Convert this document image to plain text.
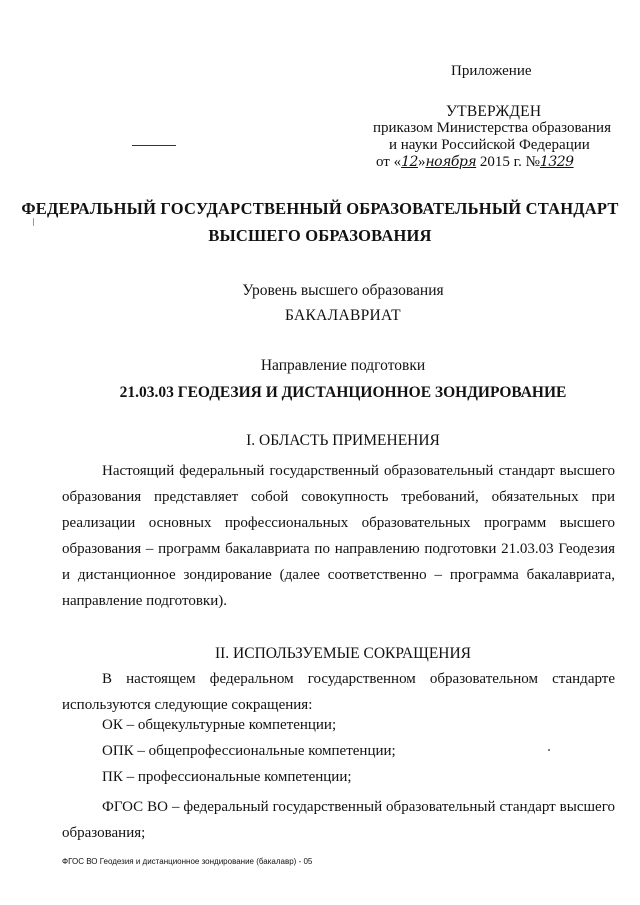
Приложение
УТВЕРЖДЕН
приказом Министерства образования
и науки Российской Федерации
от «12»ноября 2015 г. №1329
ФЕДЕРАЛЬНЫЙ ГОСУДАРСТВЕННЫЙ ОБРАЗОВАТЕЛЬНЫЙ СТАНДАРТ
ВЫСШЕГО ОБРАЗОВАНИЯ
Уровень высшего образования
БАКАЛАВРИАТ
Направление подготовки
21.03.03 ГЕОДЕЗИЯ И ДИСТАНЦИОННОЕ ЗОНДИРОВАНИЕ
I. ОБЛАСТЬ ПРИМЕНЕНИЯ
Настоящий федеральный государственный образовательный стандарт высшего образования представляет собой совокупность требований, обязательных при реализации основных профессиональных образовательных программ высшего образования – программ бакалавриата по направлению подготовки 21.03.03 Геодезия и дистанционное зондирование (далее соответственно – программа бакалавриата, направление подготовки).
II. ИСПОЛЬЗУЕМЫЕ СОКРАЩЕНИЯ
В настоящем федеральном государственном образовательном стандарте используются следующие сокращения:
ОК – общекультурные компетенции;
ОПК – общепрофессиональные компетенции;
ПК – профессиональные компетенции;
ФГОС ВО – федеральный государственный образовательный стандарт высшего образования;
ФГОС ВО Геодезия и дистанционное зондирование (бакалавр) - 05
